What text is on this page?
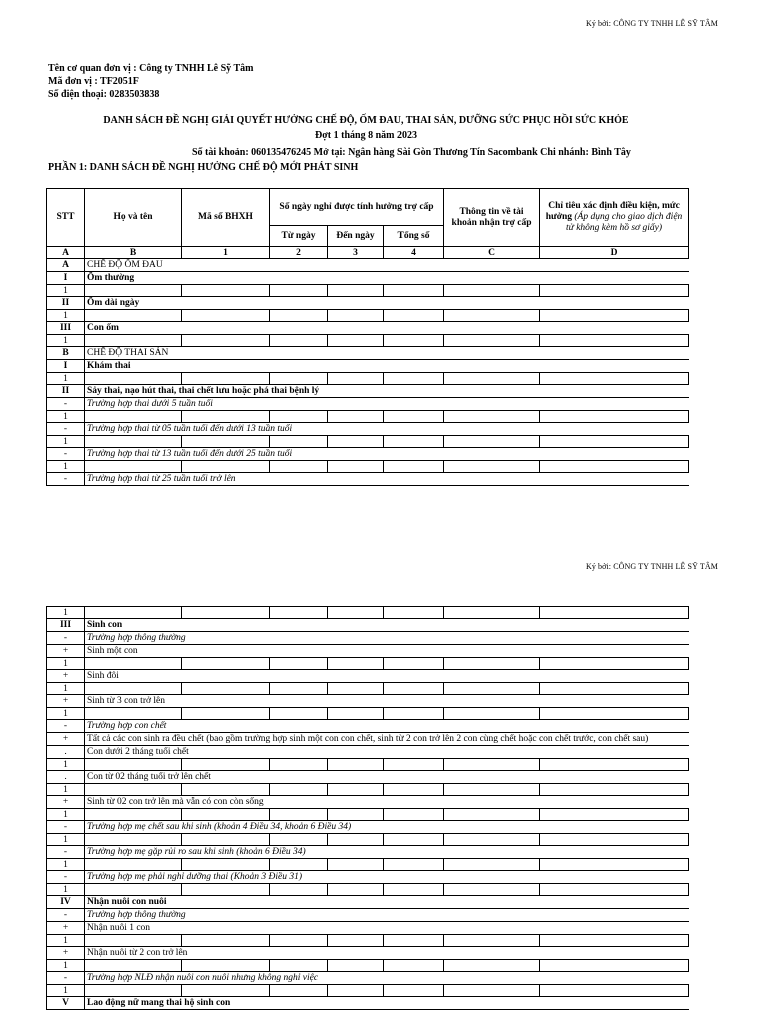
Ký bởi: CÔNG TY TNHH LÊ SỸ TÂM
Tên cơ quan đơn vị : Công ty TNHH Lê Sỹ Tâm
Mã đơn vị : TF2051F
Số điện thoại: 0283503838
DANH SÁCH ĐỀ NGHỊ GIẢI QUYẾT HƯỞNG CHẾ ĐỘ, ỐM ĐAU, THAI SẢN, DƯỠNG SỨC PHỤC HỒI SỨC KHỎE
Đợt 1 tháng 8 năm 2023
Số tài khoản: 060135476245 Mở tại: Ngân hàng Sài Gòn Thương Tín Sacombank Chi nhánh: Bình Tây
PHẦN 1: DANH SÁCH ĐỀ NGHỊ HƯỞNG CHẾ ĐỘ MỚI PHÁT SINH
STT	Họ và tên	Mã số BHXH	Số ngày nghỉ được tính hưởng trợ cấp			Thông tin về tài khoản nhận trợ cấp	Chỉ tiêu xác định điều kiện, mức hưởng (Áp dụng cho giao dịch điện tử không kèm hồ sơ giấy)
			Từ ngày	Đến ngày	Tổng số		
A	B	1	2	3	4	C	D
A	CHẾ ĐỘ ỐM ĐAU						
I	Ốm thường						
1							
II	Ốm dài ngày						
1							
III	Con ốm						
1							
B	CHẾ ĐỘ THAI SẢN						
I	Khám thai						
1							
II	Sảy thai, nạo hút thai, thai chết lưu hoặc phá thai bệnh lý						
-	Trường hợp thai dưới 5 tuần tuổi						
1							
-	Trường hợp thai từ 05 tuần tuổi đến dưới 13 tuần tuổi						
1							
-	Trường hợp thai từ 13 tuần tuổi đến dưới 25 tuần tuổi						
1							
-	Trường hợp thai từ 25 tuần tuổi trở lên						
Ký bởi: CÔNG TY TNHH LÊ SỸ TÂM
1							
III	Sinh con						
-	Trường hợp thông thường						
+	Sinh một con						
1							
+	Sinh đôi						
1							
+	Sinh từ 3 con trở lên						
1							
-	Trường hợp con chết						
+	Tất cả các con sinh ra đều chết (bao gồm trường hợp sinh một con con chết, sinh từ 2 con trở lên 2 con cùng chết hoặc con chết trước, con chết sau)						
.	Con dưới 2 tháng tuổi chết						
1							
.	Con từ 02 tháng tuổi trở lên chết						
1							
+	Sinh từ 02 con trở lên mà vẫn có con còn sống						
1							
-	Trường hợp mẹ chết sau khi sinh (khoản 4 Điều 34, khoản 6 Điều 34)						
1							
-	Trường hợp mẹ gặp rủi ro sau khi sinh (khoản 6 Điều 34)						
1							
-	Trường hợp mẹ phải nghỉ dưỡng thai (Khoản 3 Điều 31)						
1							
IV	Nhận nuôi con nuôi						
-	Trường hợp thông thường						
+	Nhận nuôi 1 con						
1							
+	Nhận nuôi từ 2 con trở lên						
1							
-	Trường hợp NLĐ nhận nuôi con nuôi nhưng không nghỉ việc						
1							
V	Lao động nữ mang thai hộ sinh con						
